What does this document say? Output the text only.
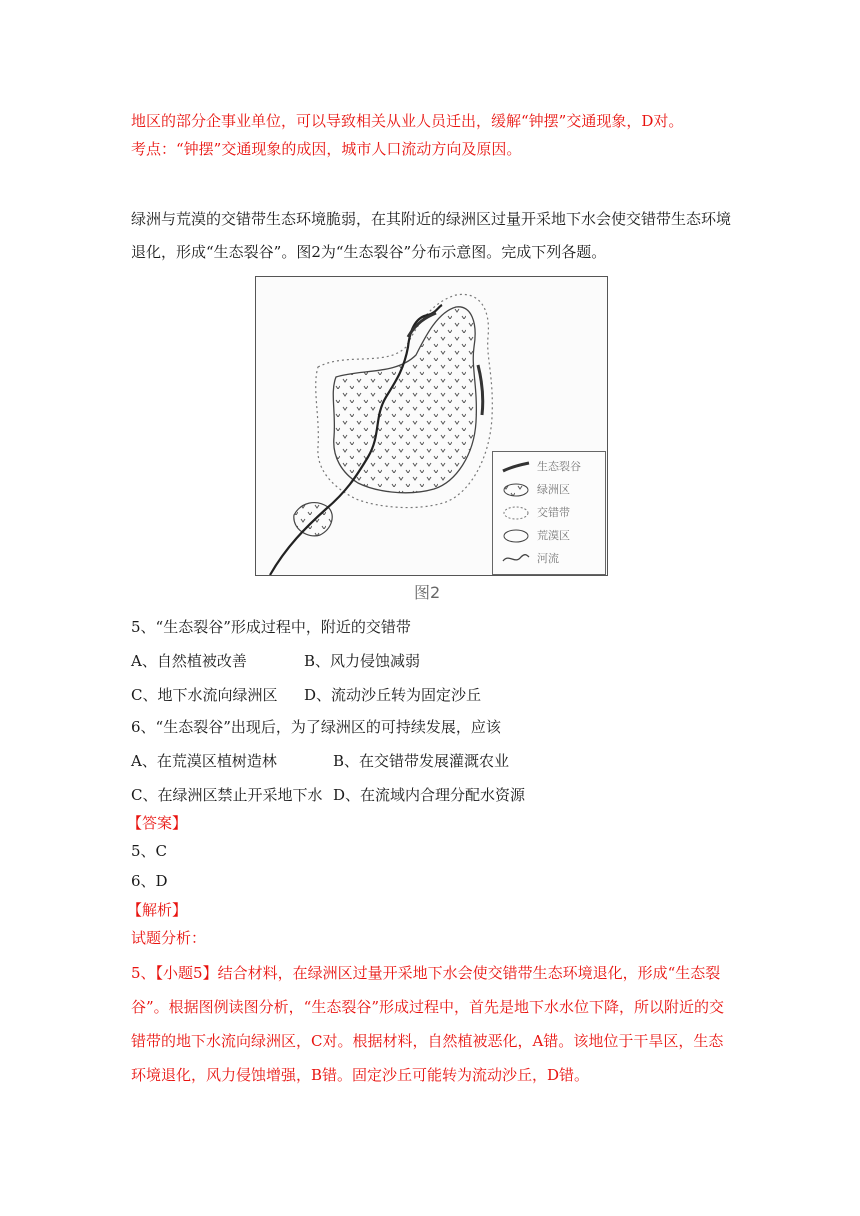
地区的部分企事业单位，可以导致相关从业人员迁出，缓解“钟摆”交通现象，D对。
考点：“钟摆”交通现象的成因，城市人口流动方向及原因。
绿洲与荒漠的交错带生态环境脆弱，在其附近的绿洲区过量开采地下水会使交错带生态环境
退化，形成“生态裂谷”。图2为“生态裂谷”分布示意图。完成下列各题。
生态裂谷
绿洲区
交错带
荒漠区
河流
图2
5、“生态裂谷”形成过程中，附近的交错带
A、自然植被改善	B、风力侵蚀减弱
C、地下水流向绿洲区 D、流动沙丘转为固定沙丘
6、“生态裂谷”出现后，为了绿洲区的可持续发展，应该
A、在荒漠区植树造林	B、在交错带发展灌溉农业
C、在绿洲区禁止开采地下水 D、在流域内合理分配水资源
【答案】
5、C
6、D
【解析】
试题分析：
5、【小题5】结合材料，在绿洲区过量开采地下水会使交错带生态环境退化，形成“生态裂
谷”。根据图例读图分析，“生态裂谷”形成过程中，首先是地下水水位下降，所以附近的交
错带的地下水流向绿洲区，C对。根据材料，自然植被恶化，A错。该地位于干旱区，生态
环境退化，风力侵蚀增强，B错。固定沙丘可能转为流动沙丘，D错。
